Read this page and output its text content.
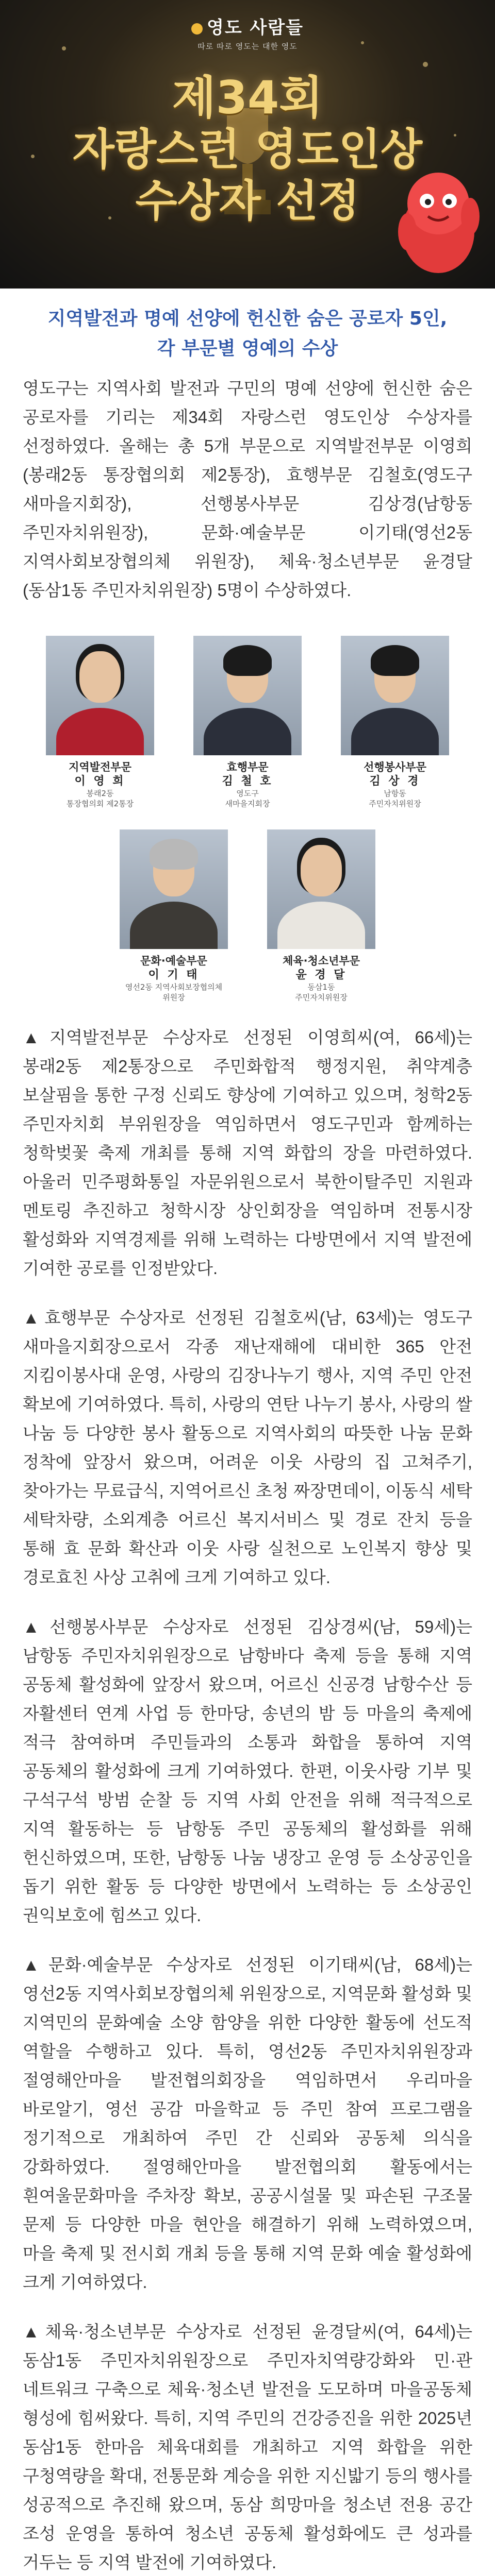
영도 사람들
따로 따로 영도는 대한 영도
제34회
자랑스런 영도인상
수상자 선정
지역발전과 명예 선양에 헌신한 숨은 공로자 5인,
각 부문별 영예의 수상

영도구는 지역사회 발전과 구민의 명예 선양에 헌신한 숨은 공로자를 기리는 제34회 자랑스런 영도인상 수상자를 선정하였다. 올해는 총 5개 부문으로 지역발전부문 이영희(봉래2동 통장협의회 제2통장), 효행부문 김철호(영도구 새마을지회장), 선행봉사부문 김상경(남항동 주민자치위원장), 문화·예술부문 이기태(영선2동 지역사회보장협의체 위원장), 체육·청소년부문 윤경달(동삼1동 주민자치위원장) 5명이 수상하였다.

지역발전부문
이 영 희
봉래2동
통장협의회 제2통장
효행부문
김 철 호
영도구
새마을지회장
선행봉사부문
김 상 경
남항동
주민자치위원장
문화·예술부문
이 기 태
영선2동 지역사회보장협의체
위원장
체육·청소년부문
윤 경 달
동삼1동
주민자치위원장

▲지역발전부문 수상자로 선정된 이영희씨(여, 66세)는 봉래2동 제2통장으로 주민화합적 행정지원, 취약계층 보살핌을 통한 구정 신뢰도 향상에 기여하고 있으며, 청학2동 주민자치회 부위원장을 역임하면서 영도구민과 함께하는 청학벚꽃 축제 개최를 통해 지역 화합의 장을 마련하였다. 아울러 민주평화통일 자문위원으로서 북한이탈주민 지원과 멘토링 추진하고 청학시장 상인회장을 역임하며 전통시장 활성화와 지역경제를 위해 노력하는 다방면에서 지역 발전에 기여한 공로를 인정받았다.

▲효행부문 수상자로 선정된 김철호씨(남, 63세)는 영도구 새마을지회장으로서 각종 재난재해에 대비한 365 안전 지킴이봉사대 운영, 사랑의 김장나누기 행사, 지역 주민 안전 확보에 기여하였다. 특히, 사랑의 연탄 나누기 봉사, 사랑의 쌀 나눔 등 다양한 봉사 활동으로 지역사회의 따뜻한 나눔 문화 정착에 앞장서 왔으며, 어려운 이웃 사랑의 집 고쳐주기, 찾아가는 무료급식, 지역어르신 초청 짜장면데이, 이동식 세탁 세탁차량, 소외계층 어르신 복지서비스 및 경로 잔치 등을 통해 효 문화 확산과 이웃 사랑 실천으로 노인복지 향상 및 경로효친 사상 고취에 크게 기여하고 있다.

▲선행봉사부문 수상자로 선정된 김상경씨(남, 59세)는 남항동 주민자치위원장으로 남항바다 축제 등을 통해 지역 공동체 활성화에 앞장서 왔으며, 어르신 신공경 남항수산 등 자활센터 연계 사업 등 한마당, 송년의 밤 등 마을의 축제에 적극 참여하며 주민들과의 소통과 화합을 통하여 지역 공동체의 활성화에 크게 기여하였다. 한편, 이웃사랑 기부 및 구석구석 방범 순찰 등 지역 사회 안전을 위해 적극적으로 지역 활동하는 등 남항동 주민 공동체의 활성화를 위해 헌신하였으며, 또한, 남항동 나눔 냉장고 운영 등 소상공인을 돕기 위한 활동 등 다양한 방면에서 노력하는 등 소상공인 권익보호에 힘쓰고 있다.

▲문화·예술부문 수상자로 선정된 이기태씨(남, 68세)는 영선2동 지역사회보장협의체 위원장으로, 지역문화 활성화 및 지역민의 문화예술 소양 함양을 위한 다양한 활동에 선도적 역할을 수행하고 있다. 특히, 영선2동 주민자치위원장과 절영해안마을 발전협의회장을 역임하면서 우리마을 바로알기, 영선 공감 마을학교 등 주민 참여 프로그램을 정기적으로 개최하여 주민 간 신뢰와 공동체 의식을 강화하였다. 절영해안마을 발전협의회 활동에서는 흰여울문화마을 주차장 확보, 공공시설물 및 파손된 구조물 문제 등 다양한 마을 현안을 해결하기 위해 노력하였으며, 마을 축제 및 전시회 개최 등을 통해 지역 문화 예술 활성화에 크게 기여하였다.

▲체육·청소년부문 수상자로 선정된 윤경달씨(여, 64세)는 동삼1동 주민자치위원장으로 주민자치역량강화와 민·관 네트워크 구축으로 체육·청소년 발전을 도모하며 마을공동체 형성에 힘써왔다. 특히, 지역 주민의 건강증진을 위한 2025년 동삼1동 한마음 체육대회를 개최하고 지역 화합을 위한 구청역량을 확대, 전통문화 계승을 위한 지신밟기 등의 행사를 성공적으로 추진해 왔으며, 동삼 희망마을 청소년 전용 공간 조성 운영을 통하여 청소년 공동체 활성화에도 큰 성과를 거두는 등 지역 발전에 기여하였다.
